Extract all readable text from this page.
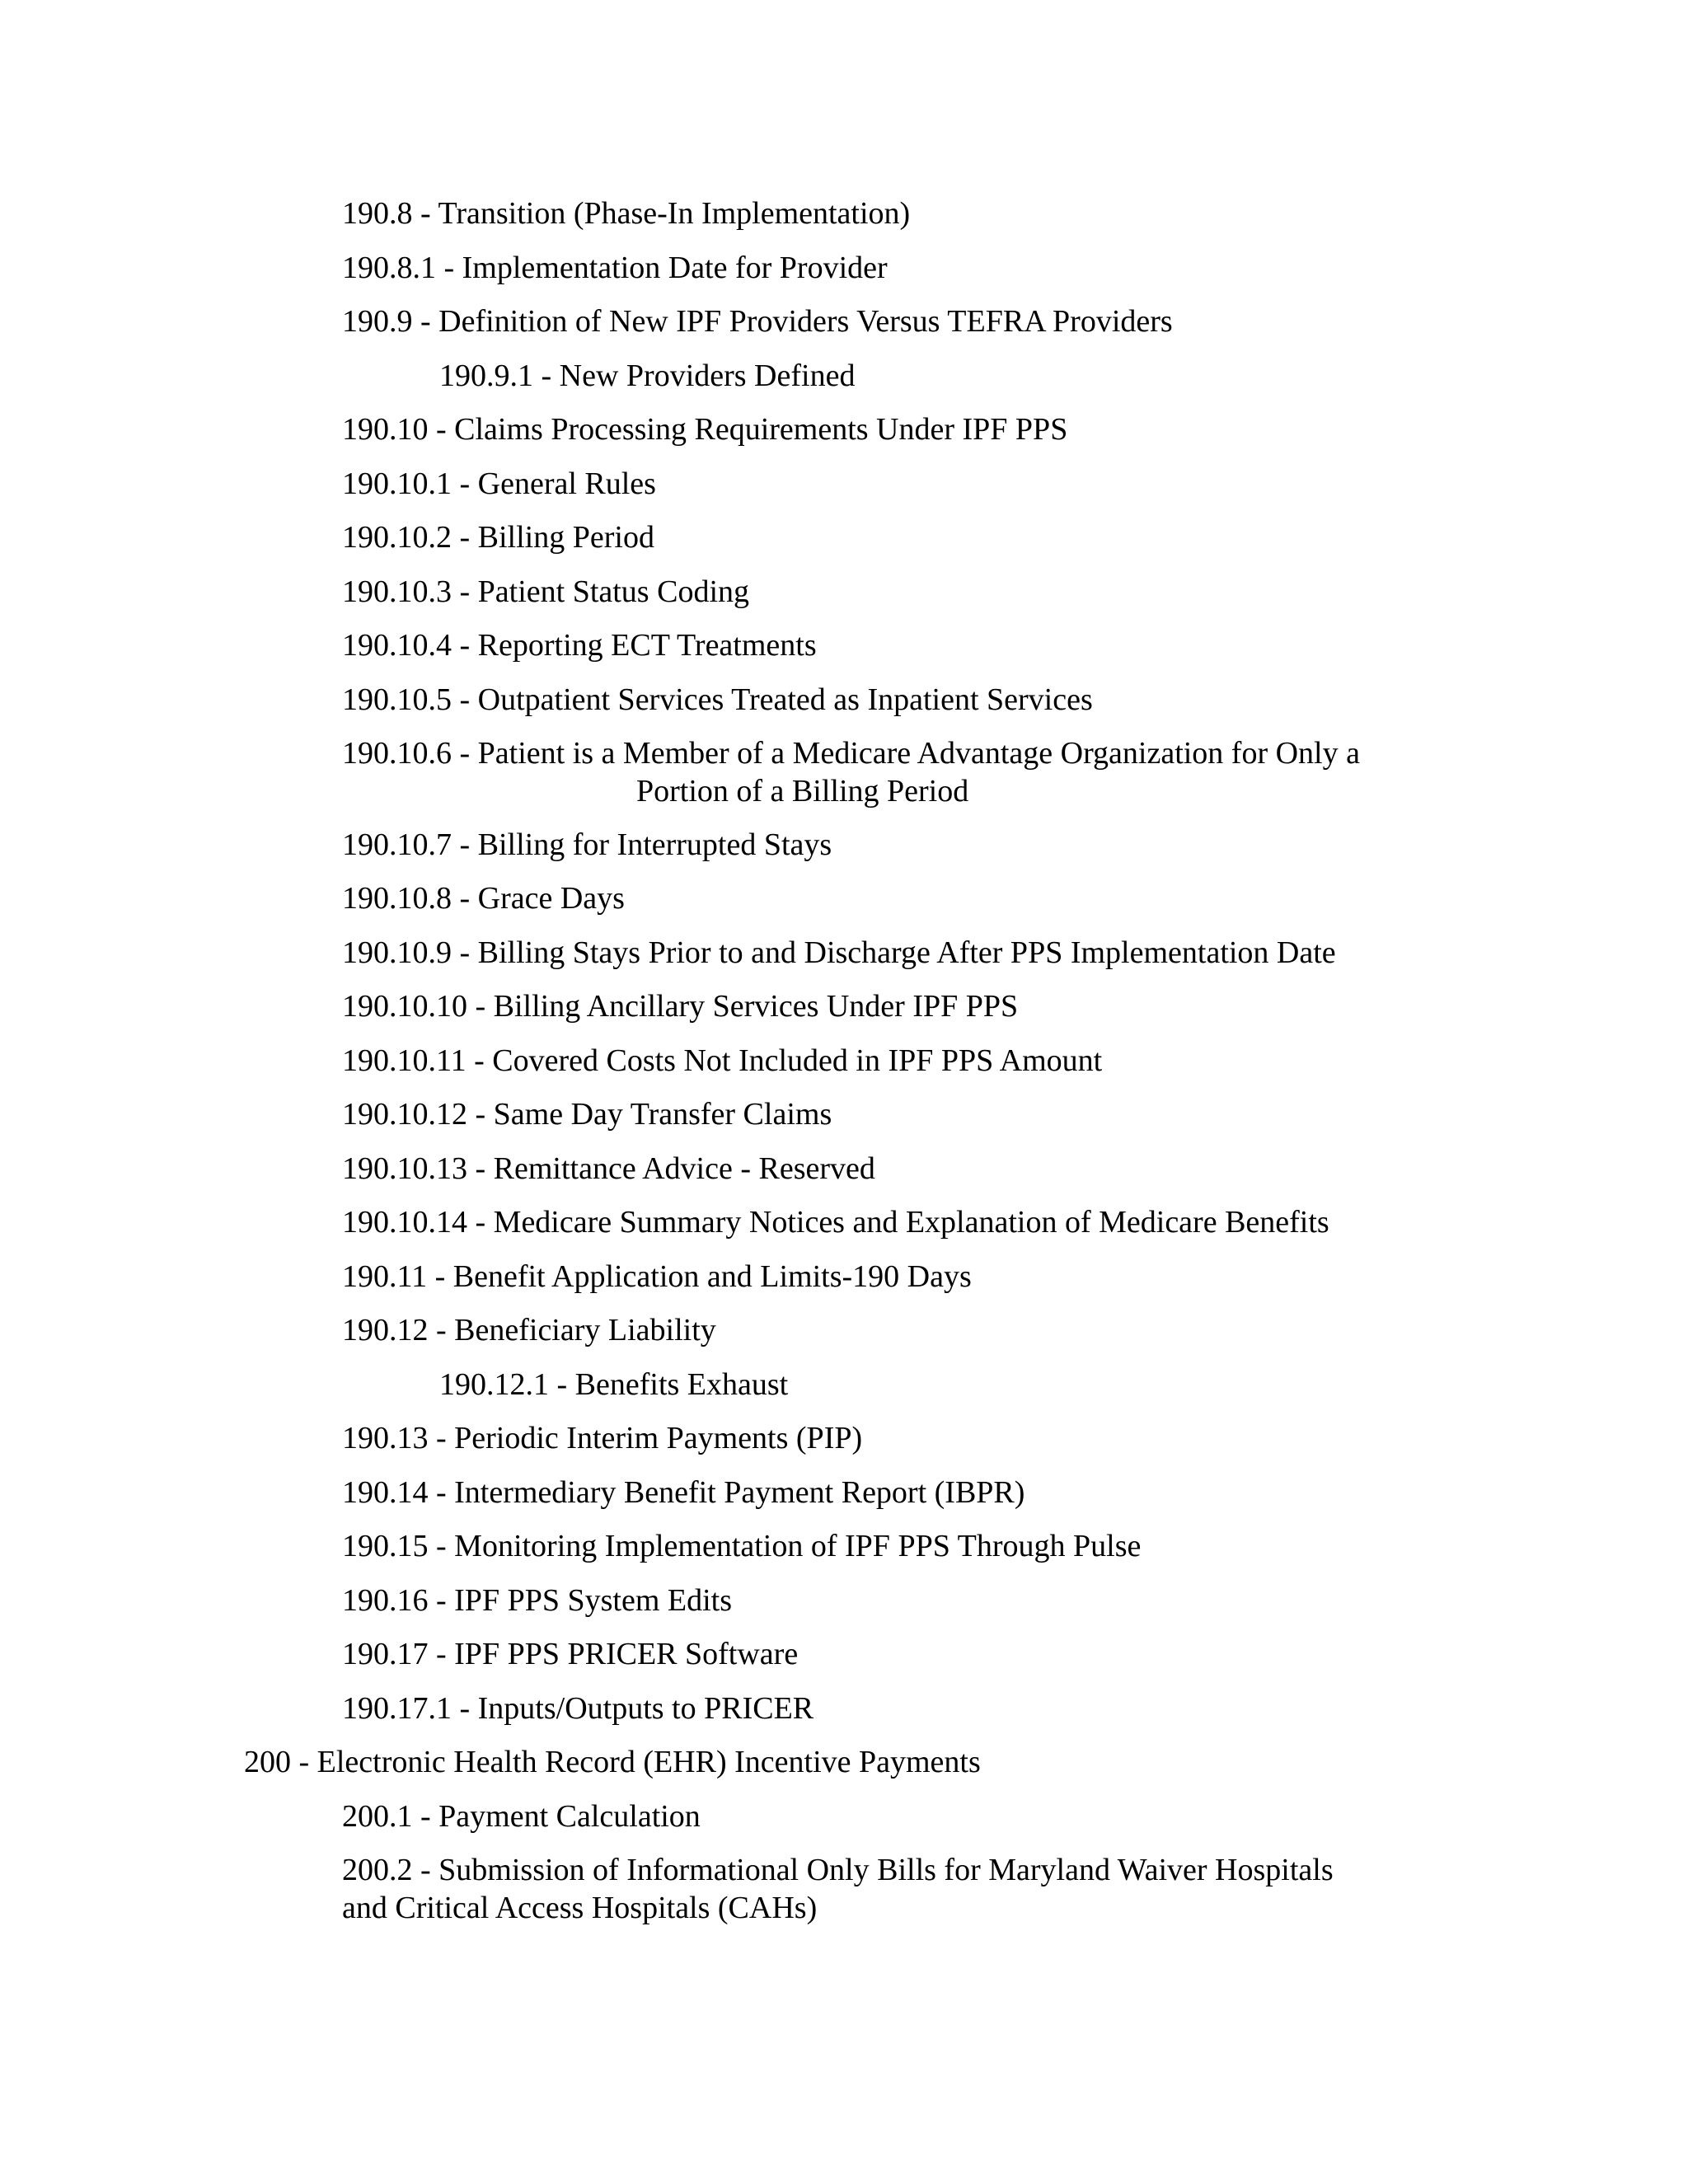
190.8 - Transition (Phase-In Implementation)
190.8.1 - Implementation Date for Provider
190.9 - Definition of New IPF Providers Versus TEFRA Providers
190.9.1 - New Providers Defined
190.10 - Claims Processing Requirements Under IPF PPS
190.10.1 - General Rules
190.10.2 - Billing Period
190.10.3 - Patient Status Coding
190.10.4 - Reporting ECT Treatments
190.10.5 - Outpatient Services Treated as Inpatient Services
190.10.6 - Patient is a Member of a Medicare Advantage Organization for Only a
Portion of a Billing Period
190.10.7 - Billing for Interrupted Stays
190.10.8 - Grace Days
190.10.9 - Billing Stays Prior to and Discharge After PPS Implementation Date
190.10.10 - Billing Ancillary Services Under IPF PPS
190.10.11 - Covered Costs Not Included in IPF PPS Amount
190.10.12 - Same Day Transfer Claims
190.10.13 - Remittance Advice - Reserved
190.10.14 - Medicare Summary Notices and Explanation of Medicare Benefits
190.11 - Benefit Application and Limits-190 Days
190.12 - Beneficiary Liability
190.12.1 - Benefits Exhaust
190.13 - Periodic Interim Payments (PIP)
190.14 - Intermediary Benefit Payment Report (IBPR)
190.15 - Monitoring Implementation of IPF PPS Through Pulse
190.16 - IPF PPS System Edits
190.17 - IPF PPS PRICER Software
190.17.1 - Inputs/Outputs to PRICER
200 - Electronic Health Record (EHR) Incentive Payments
200.1 - Payment Calculation
200.2 - Submission of Informational Only Bills for Maryland Waiver Hospitals
and Critical Access Hospitals (CAHs)
